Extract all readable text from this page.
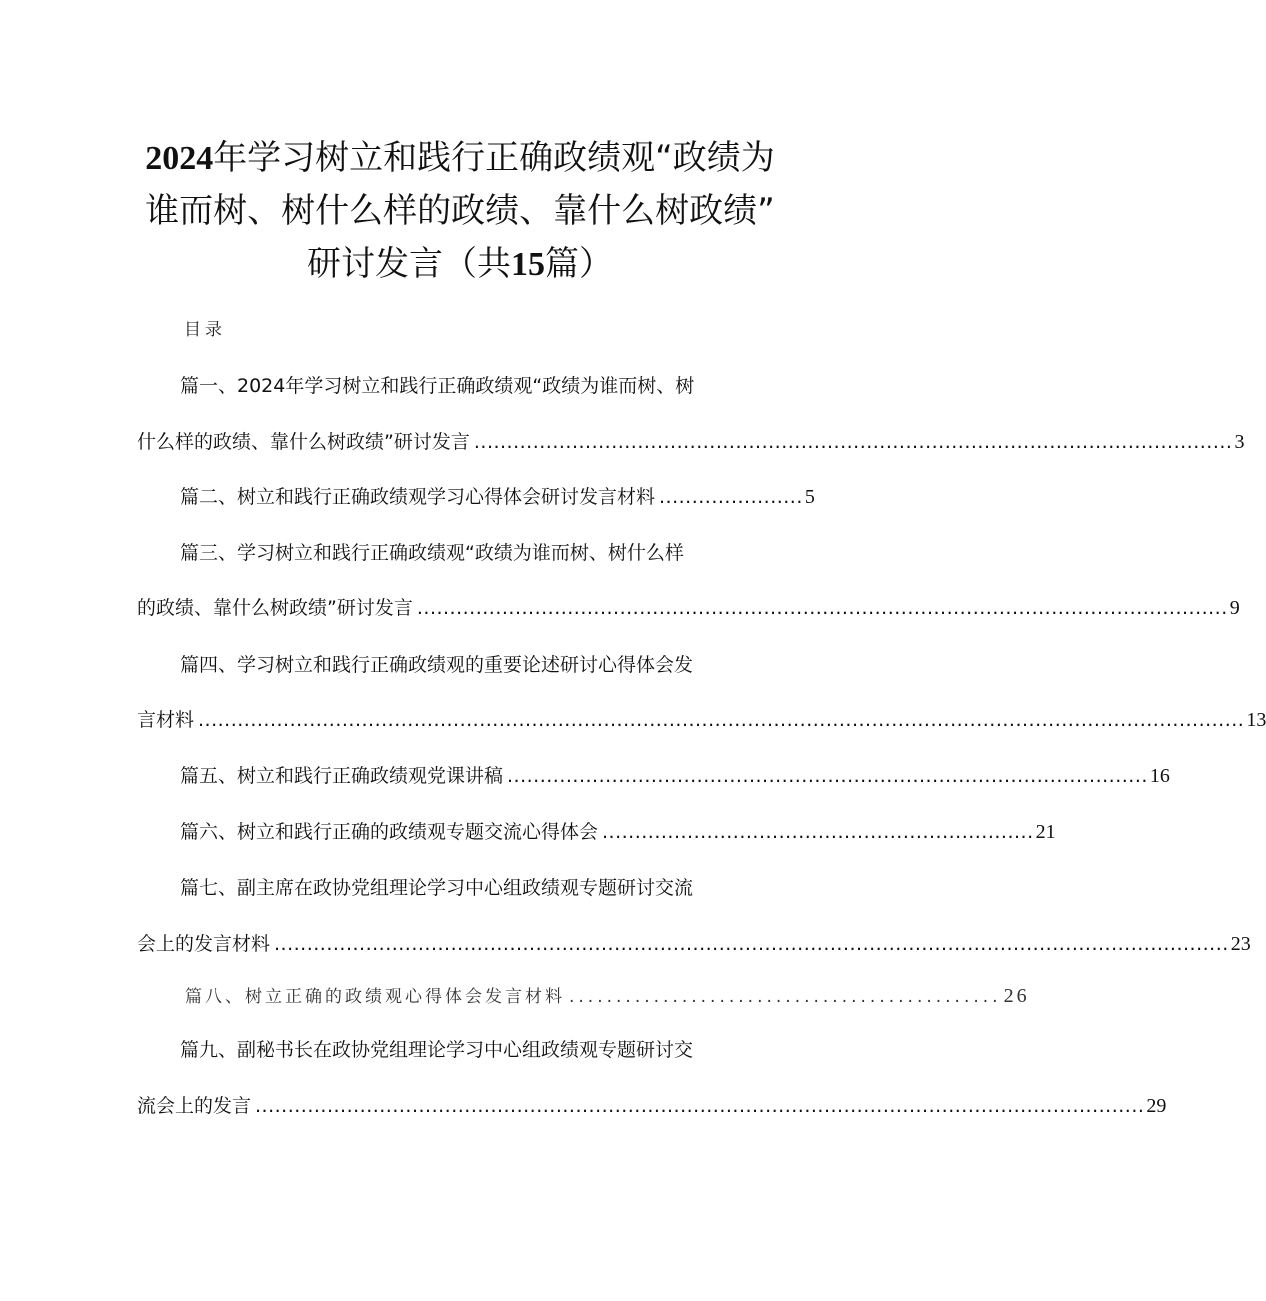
2024年学习树立和践行正确政绩观“政绩为
谁而树、树什么样的政绩、靠什么树政绩”
研讨发言（共15篇）
目录
篇一、2024年学习树立和践行正确政绩观“政绩为谁而树、树
什么样的政绩、靠什么树政绩”研讨发言 .................................................................................................................... 3
篇二、树立和践行正确政绩观学习心得体会研讨发言材料 ...................... 5
篇三、学习树立和践行正确政绩观“政绩为谁而树、树什么样
的政绩、靠什么树政绩”研讨发言 ............................................................................................................................ 9
篇四、学习树立和践行正确政绩观的重要论述研讨心得体会发
言材料 ................................................................................................................................................................ 13
篇五、树立和践行正确政绩观党课讲稿 .................................................................................................. 16
篇六、树立和践行正确的政绩观专题交流心得体会 .................................................................. 21
篇七、副主席在政协党组理论学习中心组政绩观专题研讨交流
会上的发言材料 .................................................................................................................................................. 23
篇八、树立正确的政绩观心得体会发言材料 .............................................. 26
篇九、副秘书长在政协党组理论学习中心组政绩观专题研讨交
流会上的发言 ........................................................................................................................................ 29
